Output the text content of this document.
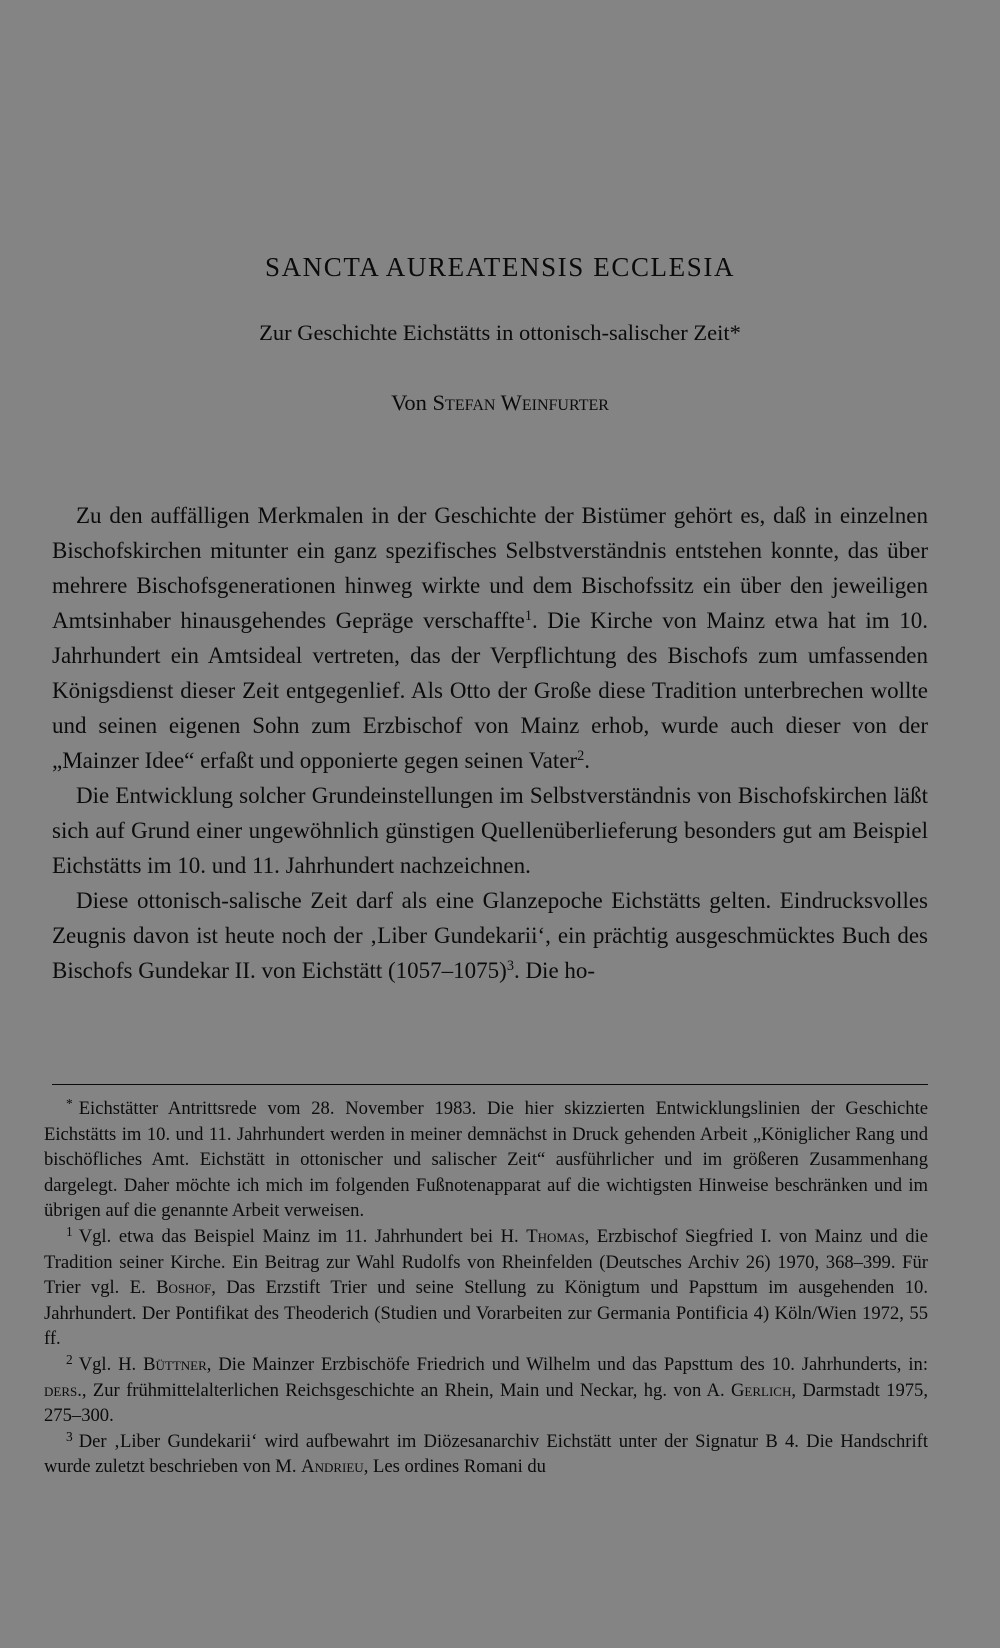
SANCTA AUREATENSIS ECCLESIA

Zur Geschichte Eichstätts in ottonisch-salischer Zeit*

Von Stefan Weinfurter

Zu den auffälligen Merkmalen in der Geschichte der Bistümer gehört es, daß in einzelnen Bischofskirchen mitunter ein ganz spezifisches Selbstverständnis entstehen konnte, das über mehrere Bischofsgenerationen hinweg wirkte und dem Bischofssitz ein über den jeweiligen Amtsinhaber hinausgehendes Gepräge verschaffte$^1$. Die Kirche von Mainz etwa hat im 10. Jahrhundert ein Amtsideal vertreten, das der Verpflichtung des Bischofs zum umfassenden Königsdienst dieser Zeit entgegenlief. Als Otto der Große diese Tradition unterbrechen wollte und seinen eigenen Sohn zum Erzbischof von Mainz erhob, wurde auch dieser von der „Mainzer Idee“ erfaßt und opponierte gegen seinen Vater$^2$.

Die Entwicklung solcher Grundeinstellungen im Selbstverständnis von Bischofskirchen läßt sich auf Grund einer ungewöhnlich günstigen Quellenüberlieferung besonders gut am Beispiel Eichstätts im 10. und 11. Jahrhundert nachzeichnen.

Diese ottonisch-salische Zeit darf als eine Glanzepoche Eichstätts gelten. Eindrucksvolles Zeugnis davon ist heute noch der ‚Liber Gundekarii‘, ein prächtig ausgeschmücktes Buch des Bischofs Gundekar II. von Eichstätt (1057–1075)$^3$. Die ho-

* Eichstätter Antrittsrede vom 28. November 1983. Die hier skizzierten Entwicklungslinien der Geschichte Eichstätts im 10. und 11. Jahrhundert werden in meiner demnächst in Druck gehenden Arbeit „Königlicher Rang und bischöfliches Amt. Eichstätt in ottonischer und salischer Zeit“ ausführlicher und im größeren Zusammenhang dargelegt. Daher möchte ich mich im folgenden Fußnotenapparat auf die wichtigsten Hinweise beschränken und im übrigen auf die genannte Arbeit verweisen.

$^1$ Vgl. etwa das Beispiel Mainz im 11. Jahrhundert bei H. Thomas, Erzbischof Siegfried I. von Mainz und die Tradition seiner Kirche. Ein Beitrag zur Wahl Rudolfs von Rheinfelden (Deutsches Archiv 26) 1970, 368–399. Für Trier vgl. E. Boshof, Das Erzstift Trier und seine Stellung zu Königtum und Papsttum im ausgehenden 10. Jahrhundert. Der Pontifikat des Theoderich (Studien und Vorarbeiten zur Germania Pontificia 4) Köln/Wien 1972, 55 ff.

$^2$ Vgl. H. Büttner, Die Mainzer Erzbischöfe Friedrich und Wilhelm und das Papsttum des 10. Jahrhunderts, in: ders., Zur frühmittelalterlichen Reichsgeschichte an Rhein, Main und Neckar, hg. von A. Gerlich, Darmstadt 1975, 275–300.

$^3$ Der ‚Liber Gundekarii‘ wird aufbewahrt im Diözesanarchiv Eichstätt unter der Signatur B 4. Die Handschrift wurde zuletzt beschrieben von M. Andrieu, Les ordines Romani du
